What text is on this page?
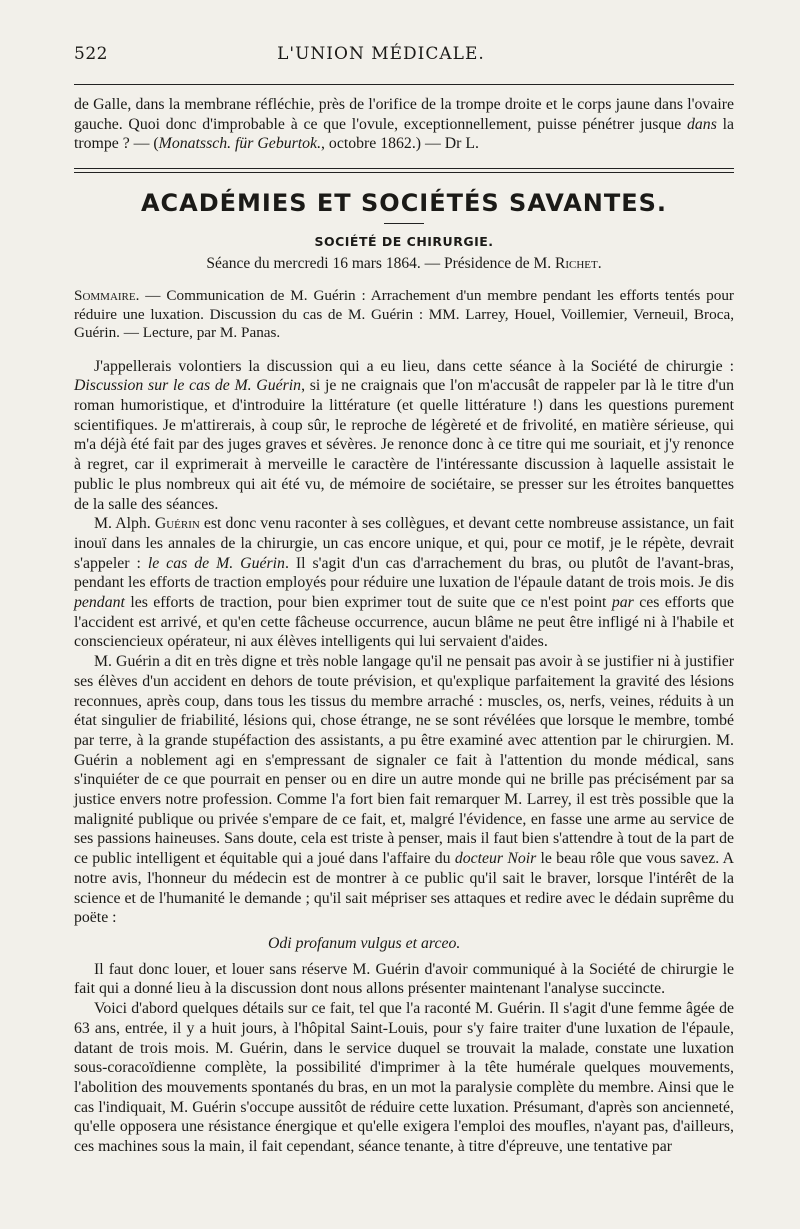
522	L'UNION MÉDICALE.

de Galle, dans la membrane réfléchie, près de l'orifice de la trompe droite et le corps jaune dans l'ovaire gauche. Quoi donc d'improbable à ce que l'ovule, exceptionnellement, puisse pénétrer jusque dans la trompe ? — (Monatssch. für Geburtok., octobre 1862.) — Dr L.

ACADÉMIES ET SOCIÉTÉS SAVANTES.
SOCIÉTÉ DE CHIRURGIE.
Séance du mercredi 16 mars 1864. — Présidence de M. Richet.

Sommaire. — Communication de M. Guérin : Arrachement d'un membre pendant les efforts tentés pour réduire une luxation. Discussion du cas de M. Guérin : MM. Larrey, Houel, Voillemier, Verneuil, Broca, Guérin. — Lecture, par M. Panas.

J'appellerais volontiers la discussion qui a eu lieu, dans cette séance à la Société de chirurgie : Discussion sur le cas de M. Guérin, si je ne craignais que l'on m'accusât de rappeler par là le titre d'un roman humoristique, et d'introduire la littérature (et quelle littérature !) dans les questions purement scientifiques. Je m'attirerais, à coup sûr, le reproche de légèreté et de frivolité, en matière sérieuse, qui m'a déjà été fait par des juges graves et sévères. Je renonce donc à ce titre qui me souriait, et j'y renonce à regret, car il exprimerait à merveille le caractère de l'intéressante discussion à laquelle assistait le public le plus nombreux qui ait été vu, de mémoire de sociétaire, se presser sur les étroites banquettes de la salle des séances.

M. Alph. Guérin est donc venu raconter à ses collègues, et devant cette nombreuse assistance, un fait inouï dans les annales de la chirurgie, un cas encore unique, et qui, pour ce motif, je le répète, devrait s'appeler : le cas de M. Guérin. Il s'agit d'un cas d'arrachement du bras, ou plutôt de l'avant-bras, pendant les efforts de traction employés pour réduire une luxation de l'épaule datant de trois mois. Je dis pendant les efforts de traction, pour bien exprimer tout de suite que ce n'est point par ces efforts que l'accident est arrivé, et qu'en cette fâcheuse occurrence, aucun blâme ne peut être infligé ni à l'habile et consciencieux opérateur, ni aux élèves intelligents qui lui servaient d'aides.

M. Guérin a dit en très digne et très noble langage qu'il ne pensait pas avoir à se justifier ni à justifier ses élèves d'un accident en dehors de toute prévision, et qu'explique parfaitement la gravité des lésions reconnues, après coup, dans tous les tissus du membre arraché : muscles, os, nerfs, veines, réduits à un état singulier de friabilité, lésions qui, chose étrange, ne se sont révélées que lorsque le membre, tombé par terre, à la grande stupéfaction des assistants, a pu être examiné avec attention par le chirurgien. M. Guérin a noblement agi en s'empressant de signaler ce fait à l'attention du monde médical, sans s'inquiéter de ce que pourrait en penser ou en dire un autre monde qui ne brille pas précisément par sa justice envers notre profession. Comme l'a fort bien fait remarquer M. Larrey, il est très possible que la malignité publique ou privée s'empare de ce fait, et, malgré l'évidence, en fasse une arme au service de ses passions haineuses. Sans doute, cela est triste à penser, mais il faut bien s'attendre à tout de la part de ce public intelligent et équitable qui a joué dans l'affaire du docteur Noir le beau rôle que vous savez. A notre avis, l'honneur du médecin est de montrer à ce public qu'il sait le braver, lorsque l'intérêt de la science et de l'humanité le demande ; qu'il sait mépriser ses attaques et redire avec le dédain suprême du poëte :

Odi profanum vulgus et arceo.

Il faut donc louer, et louer sans réserve M. Guérin d'avoir communiqué à la Société de chirurgie le fait qui a donné lieu à la discussion dont nous allons présenter maintenant l'analyse succincte.

Voici d'abord quelques détails sur ce fait, tel que l'a raconté M. Guérin. Il s'agit d'une femme âgée de 63 ans, entrée, il y a huit jours, à l'hôpital Saint-Louis, pour s'y faire traiter d'une luxation de l'épaule, datant de trois mois. M. Guérin, dans le service duquel se trouvait la malade, constate une luxation sous-coracoïdienne complète, la possibilité d'imprimer à la tête humérale quelques mouvements, l'abolition des mouvements spontanés du bras, en un mot la paralysie complète du membre. Ainsi que le cas l'indiquait, M. Guérin s'occupe aussitôt de réduire cette luxation. Présumant, d'après son ancienneté, qu'elle opposera une résistance énergique et qu'elle exigera l'emploi des moufles, n'ayant pas, d'ailleurs, ces machines sous la main, il fait cependant, séance tenante, à titre d'épreuve, une tentative par
